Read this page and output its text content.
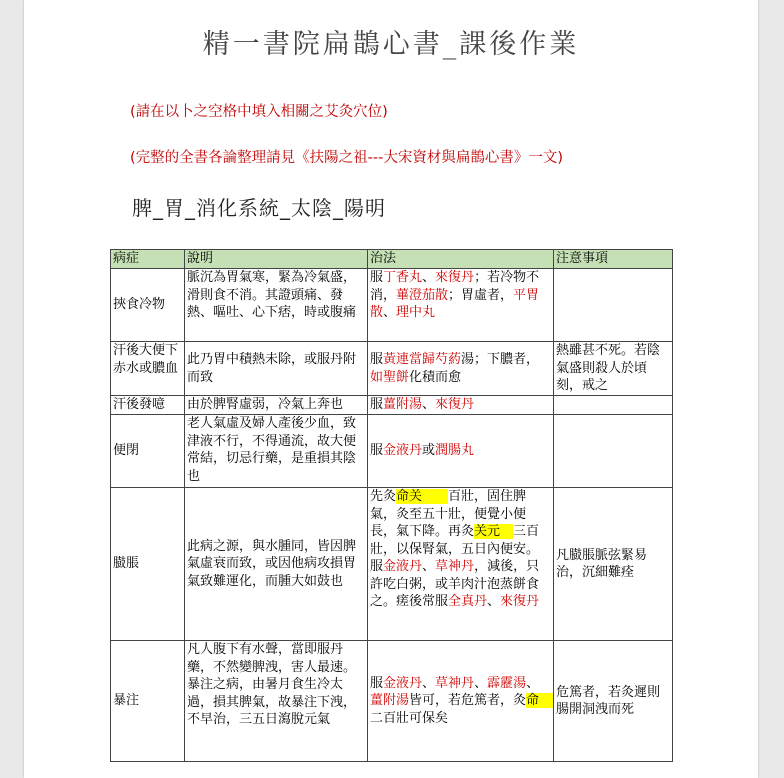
精一書院扁鵲心書_課後作業
(請在以卜之空格中填入相關之艾灸穴位)
(完整的全書各論整理請見《扶陽之祖---大宋資材與扁鵲心書》一文)
脾_胃_消化系統_太陰_陽明
病症	說明	治法	注意事項
挾食冷物	脈沉為胃氣寒，緊為冷氣盛，滑則食不消。其證頭痛、發熱、嘔吐、心下痞，時或腹痛	服丁香丸、來復丹；若冷物不消，蓽澄茄散；胃虛者，平胃散、理中丸	
汗後大便下赤水或膿血	此乃胃中積熱未除，或服丹附而致	服黃連當歸芍葯湯；下膿者，如聖餅化積而愈	熱雖甚不死。若陰氣盛則殺人於頃刻，戒之
汗後發噫	由於脾腎虛弱，冷氣上奔也	服薑附湯、來復丹	
便閉	老人氣虛及婦人產後少血，致津液不行，不得通流，故大便常結，切忌行藥，是重損其陰也	服金液丹或潤腸丸	
臌脹	此病之源，與水腫同，皆因脾氣虛衰而致，或因他病攻損胃氣致難運化，而腫大如鼓也	先灸命关　　 百壯，固住脾氣，灸至五十壯，便覺小便長，氣下降。再灸关元　 三百壯，以保腎氣，五日內便安。服金液丹、草神丹，減後，只許吃白粥，或羊肉汁泡蒸餅食之。瘥後常服全真丹、來復丹	凡臌脹脈弦緊易治，沉細難痊
暴注	凡人腹下有水聲，當即服丹藥，不然變脾洩，害人最速。暴注之病，由暑月食生冷太過，損其脾氣，故暴注下洩，不早治，三五日瀉脫元氣	服金液丹、草神丹、霹靂湯、薑附湯皆可，若危篤者，灸命　　二百壯可保矣	危篤者，若灸遲則腸開洞洩而死
